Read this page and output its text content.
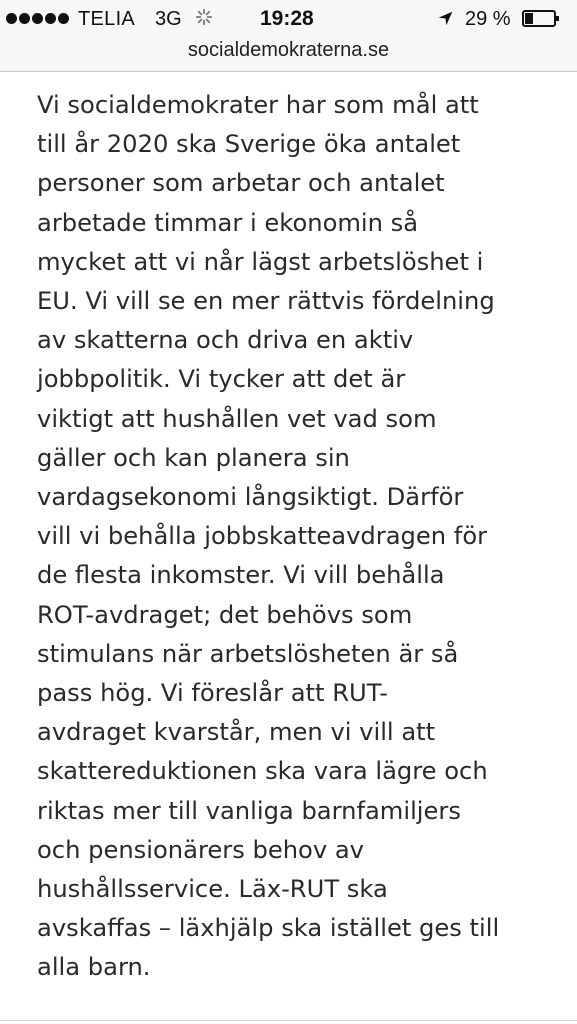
TELIA 3G	19:28	29 %
socialdemokraterna.se

Vi socialdemokrater har som mål att
till år 2020 ska Sverige öka antalet
personer som arbetar och antalet
arbetade timmar i ekonomin så
mycket att vi når lägst arbetslöshet i
EU. Vi vill se en mer rättvis fördelning
av skatterna och driva en aktiv
jobbpolitik. Vi tycker att det är
viktigt att hushållen vet vad som
gäller och kan planera sin
vardagsekonomi långsiktigt. Därför
vill vi behålla jobbskatteavdragen för
de flesta inkomster. Vi vill behålla
ROT-avdraget; det behövs som
stimulans när arbetslösheten är så
pass hög. Vi föreslår att RUT-
avdraget kvarstår, men vi vill att
skattereduktionen ska vara lägre och
riktas mer till vanliga barnfamiljers
och pensionärers behov av
hushållsservice. Läx-RUT ska
avskaffas – läxhjälp ska istället ges till
alla barn.
